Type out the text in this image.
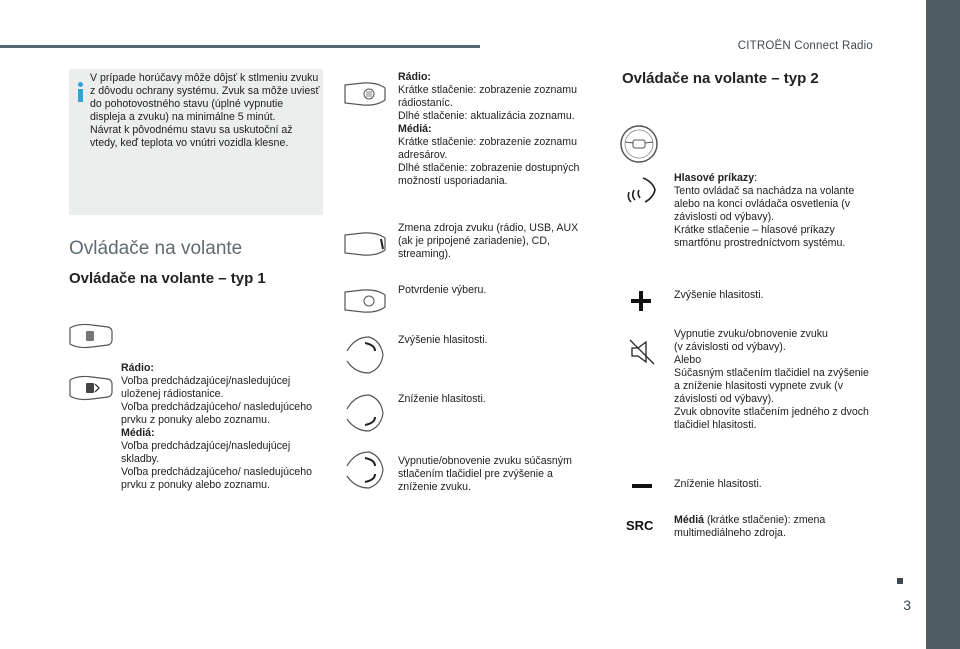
CITROËN Connect Radio
V prípade horúčavy môže dôjsť k stlmeniu zvuku z dôvodu ochrany systému. Zvuk sa môže uviesť do pohotovostného stavu (úplné vypnutie displeja a zvuku) na minimálne 5 minút.
Návrat k pôvodnému stavu sa uskutoční až vtedy, keď teplota vo vnútri vozidla klesne.
Ovládače na volante
Ovládače na volante – typ 1
Rádio:
Voľba predchádzajúcej/nasledujúcej uloženej rádiostanice.
Voľba predchádzajúceho/ nasledujúceho prvku z ponuky alebo zoznamu.
Médiá:
Voľba predchádzajúcej/nasledujúcej skladby.
Voľba predchádzajúceho/ nasledujúceho prvku z ponuky alebo zoznamu.
Rádio:
Krátke stlačenie: zobrazenie zoznamu rádiostaníc.
Dlhé stlačenie: aktualizácia zoznamu.
Médiá:
Krátke stlačenie: zobrazenie zoznamu adresárov.
Dlhé stlačenie: zobrazenie dostupných možností usporiadania.
Zmena zdroja zvuku (rádio, USB, AUX (ak je pripojené zariadenie), CD, streaming).
Potvrdenie výberu.
Zvýšenie hlasitosti.
Zníženie hlasitosti.
Vypnutie/obnovenie zvuku súčasným stlačením tlačidiel pre zvýšenie a zníženie zvuku.
Ovládače na volante – typ 2
Hlasové príkazy:
Tento ovládač sa nachádza na volante alebo na konci ovládača osvetlenia (v závislosti od výbavy).
Krátke stlačenie – hlasové príkazy smartfónu prostredníctvom systému.
Zvýšenie hlasitosti.
Vypnutie zvuku/obnovenie zvuku
(v závislosti od výbavy).
Alebo
Súčasným stlačením tlačidiel na zvýšenie a zníženie hlasitosti vypnete zvuk (v závislosti od výbavy).
Zvuk obnovíte stlačením jedného z dvoch tlačidiel hlasitosti.
Zníženie hlasitosti.
SRC Médiá (krátke stlačenie): zmena multimediálneho zdroja.
3
